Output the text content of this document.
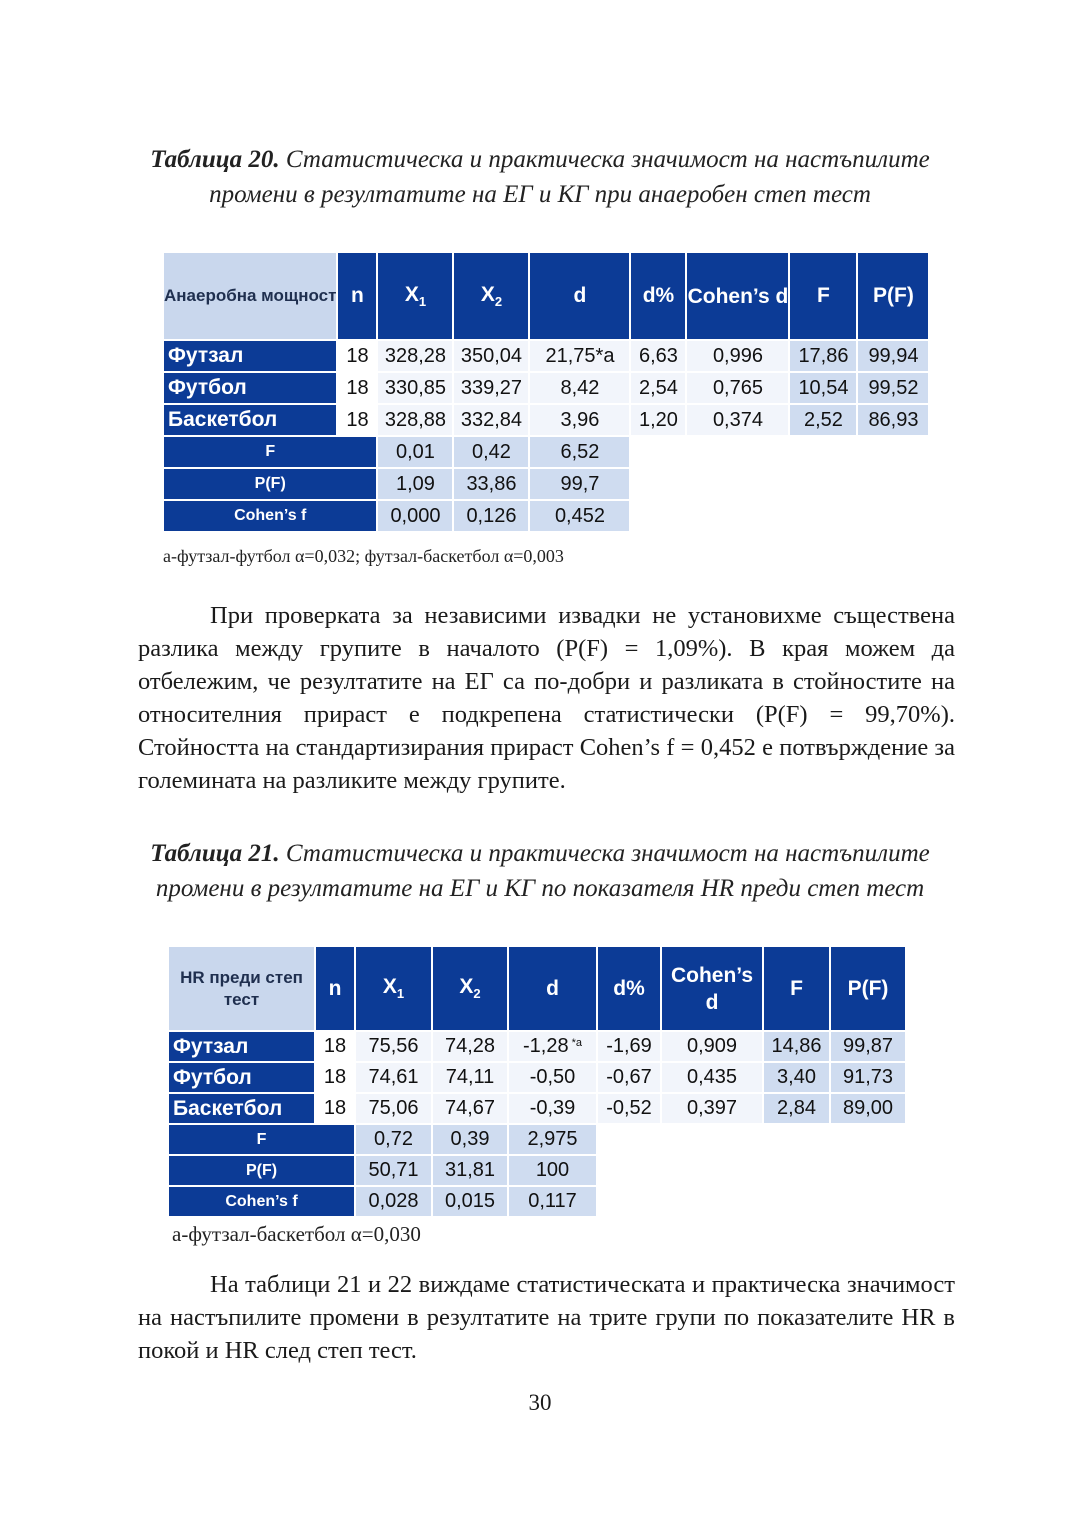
Таблица 20. Статистическа и практическа значимост на настъпилите промени в резултатите на ЕГ и КГ при анаеробен степ тест
Анаеробна мощност	n	$X_1$	$X_2$	d	d%	Cohen’s d	F	P(F)
Футзал	18	328,28	350,04	21,75*a	6,63	0,996	17,86	99,94
Футбол	18	330,85	339,27	8,42	2,54	0,765	10,54	99,52
Баскетбол	18	328,88	332,84	3,96	1,20	0,374	2,52	86,93
F		0,01	0,42	6,52				
P(F)		1,09	33,86	99,7				
Cohen’s f		0,000	0,126	0,452				
а-футзал-футбол α=0,032; футзал-баскетбол α=0,003
При проверката за независими извадки не установихме съществена разлика между групите в началото (P(F) = 1,09%). В края можем да отбележим, че резултатите на ЕГ са по-добри и разликата в стойностите на относителния прираст е подкрепена статистически (P(F) = 99,70%). Стойността на стандартизирания прираст Cohen’s f = 0,452 е потвърждение за големината на разликите между групите.
Таблица 21. Статистическа и практическа значимост на настъпилите промени в резултатите на ЕГ и КГ по показателя HR преди степ тест
HR преди степ тест	n	$X_1$	$X_2$	d	d%	Cohen’s d	F	P(F)
Футзал	18	75,56	74,28	-1,28 $^{*a}$	-1,69	0,909	14,86	99,87
Футбол	18	74,61	74,11	-0,50	-0,67	0,435	3,40	91,73
Баскетбол	18	75,06	74,67	-0,39	-0,52	0,397	2,84	89,00
F		0,72	0,39	2,975				
P(F)		50,71	31,81	100				
Cohen’s f		0,028	0,015	0,117				
а-футзал-баскетбол α=0,030
На таблици 21 и 22 виждаме статистическата и практическа значимост на настъпилите промени в резултатите на трите групи по показателите HR в покой и HR след степ тест.
30
